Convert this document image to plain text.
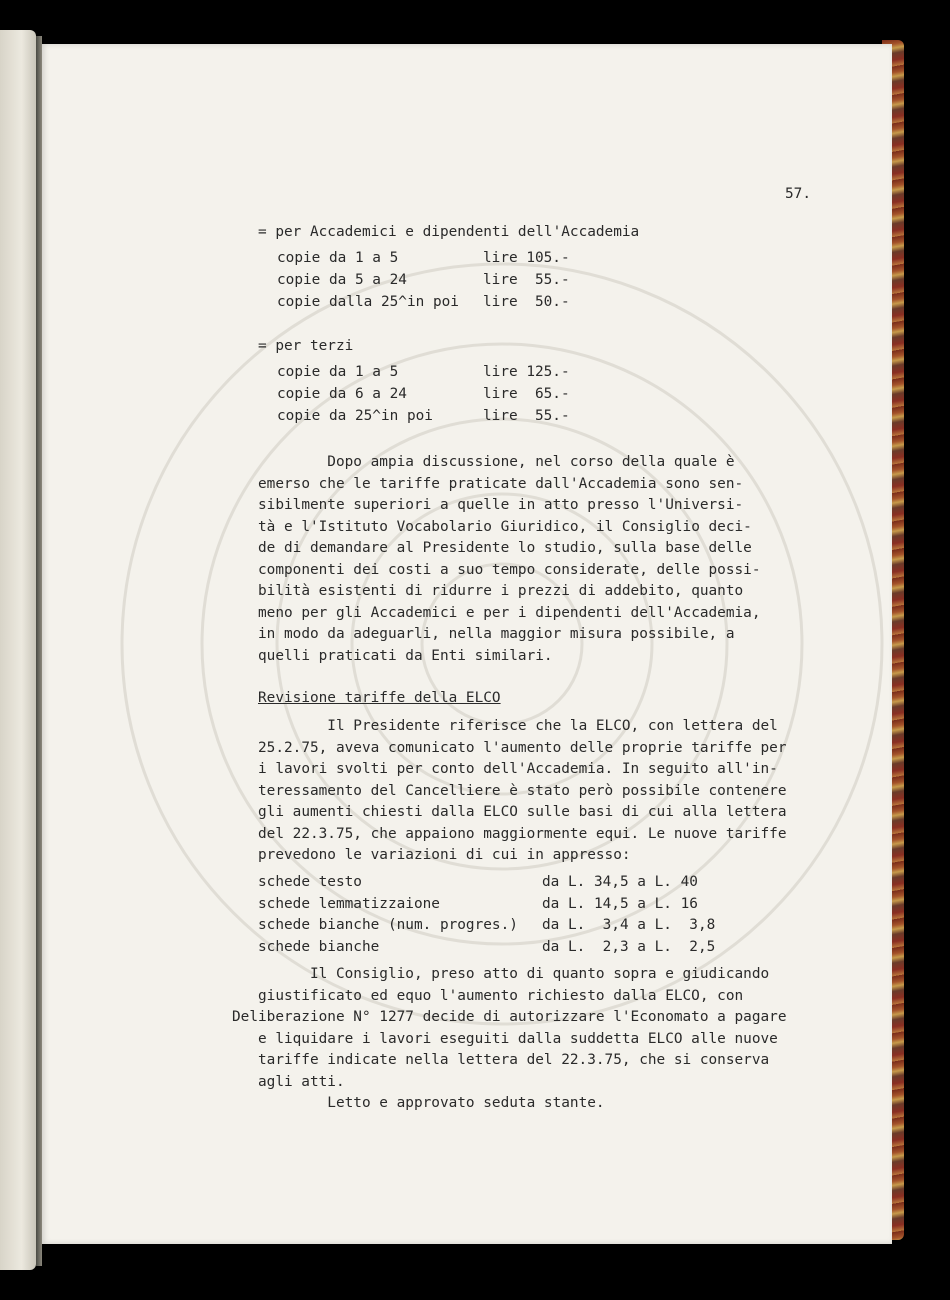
57.
= per Accademici e dipendenti dell'Accademia
copie da 1 a 5	lire 105.-
copie da 5 a 24	lire  55.-
copie dalla 25^in poi lire  50.-
= per terzi
copie da 1 a 5	lire 125.-
copie da 6 a 24	lire  65.-
copie da 25^in poi	lire  55.-
Dopo ampia discussione, nel corso della quale è
emerso che le tariffe praticate dall'Accademia sono sen-
sibilmente superiori a quelle in atto presso l'Universi-
tà e l'Istituto Vocabolario Giuridico, il Consiglio deci-
de di demandare al Presidente lo studio, sulla base delle
componenti dei costi a suo tempo considerate, delle possi-
bilità esistenti di ridurre i prezzi di addebito, quanto
meno per gli Accademici e per i dipendenti dell'Accademia,
in modo da adeguarli, nella maggior misura possibile, a
quelli praticati da Enti similari.
Revisione tariffe della ELCO
Il Presidente riferisce che la ELCO, con lettera del
25.2.75, aveva comunicato l'aumento delle proprie tariffe per
i lavori svolti per conto dell'Accademia. In seguito all'in-
teressamento del Cancelliere è stato però possibile contenere
gli aumenti chiesti dalla ELCO sulle basi di cui alla lettera
del 22.3.75, che appaiono maggiormente equi. Le nuove tariffe
prevedono le variazioni di cui in appresso:
schede testo	da L. 34,5 a L. 40
schede lemmatizzaione	da L. 14,5 a L. 16
schede bianche (num. progres.) da L.  3,4 a L.  3,8
schede bianche	da L.  2,3 a L.  2,5
Il Consiglio, preso atto di quanto sopra e giudicando
giustificato ed equo l'aumento richiesto dalla ELCO, con
Deliberazione N° 1277 decide di autorizzare l'Economato a pagare
e liquidare i lavori eseguiti dalla suddetta ELCO alle nuove
tariffe indicate nella lettera del 22.3.75, che si conserva
agli atti.
Letto e approvato seduta stante.
